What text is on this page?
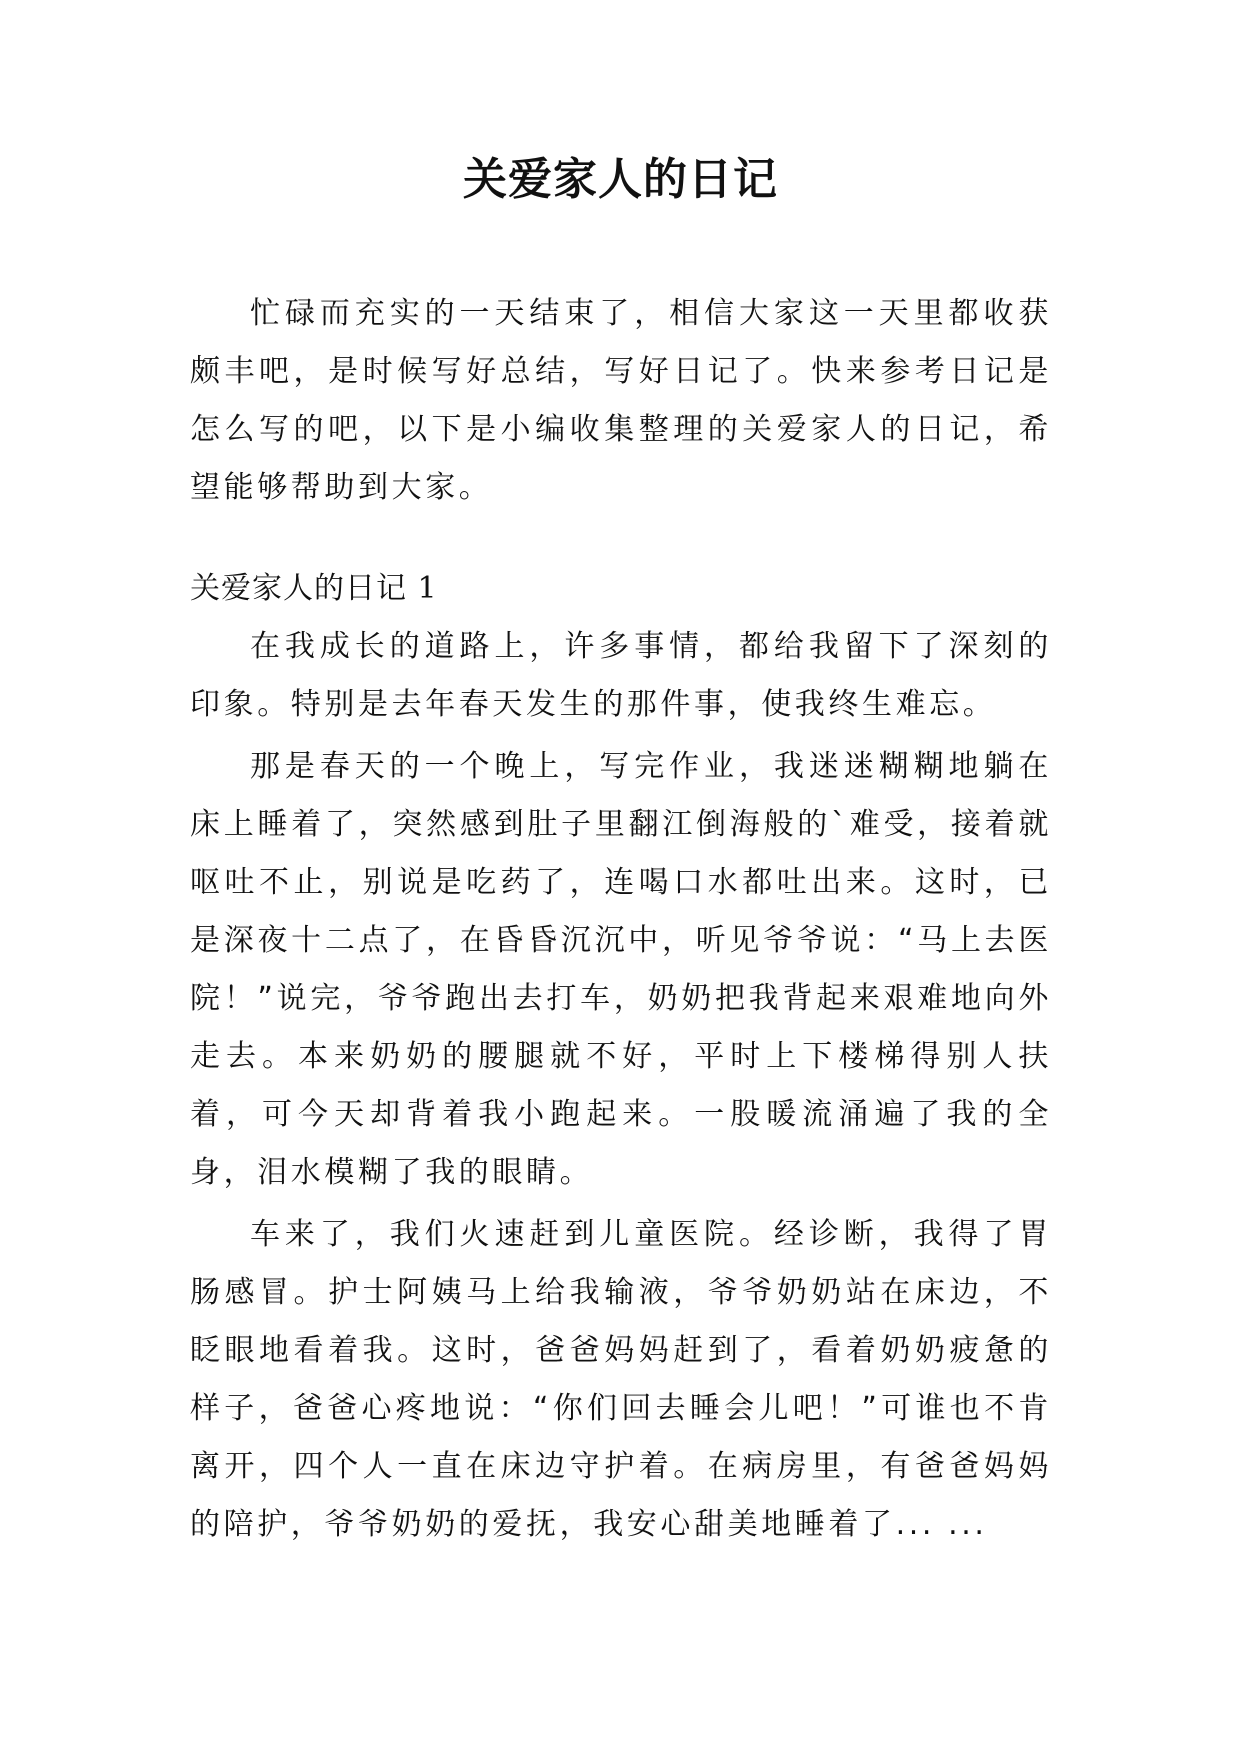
关爱家人的日记

忙碌而充实的一天结束了，相信大家这一天里都收获颇丰吧，是时候写好总结，写好日记了。快来参考日记是怎么写的吧，以下是小编收集整理的关爱家人的日记，希望能够帮助到大家。

关爱家人的日记 1

在我成长的道路上，许多事情，都给我留下了深刻的印象。特别是去年春天发生的那件事，使我终生难忘。

那是春天的一个晚上，写完作业，我迷迷糊糊地躺在床上睡着了，突然感到肚子里翻江倒海般的`难受，接着就呕吐不止，别说是吃药了，连喝口水都吐出来。这时，已是深夜十二点了，在昏昏沉沉中，听见爷爷说：“马上去医院！”说完，爷爷跑出去打车，奶奶把我背起来艰难地向外走去。本来奶奶的腰腿就不好，平时上下楼梯得别人扶着，可今天却背着我小跑起来。一股暖流涌遍了我的全身，泪水模糊了我的眼睛。

车来了，我们火速赶到儿童医院。经诊断，我得了胃肠感冒。护士阿姨马上给我输液，爷爷奶奶站在床边，不眨眼地看着我。这时，爸爸妈妈赶到了，看着奶奶疲惫的样子，爸爸心疼地说：“你们回去睡会儿吧！”可谁也不肯离开，四个人一直在床边守护着。在病房里，有爸爸妈妈的陪护，爷爷奶奶的爱抚，我安心甜美地睡着了... ...
